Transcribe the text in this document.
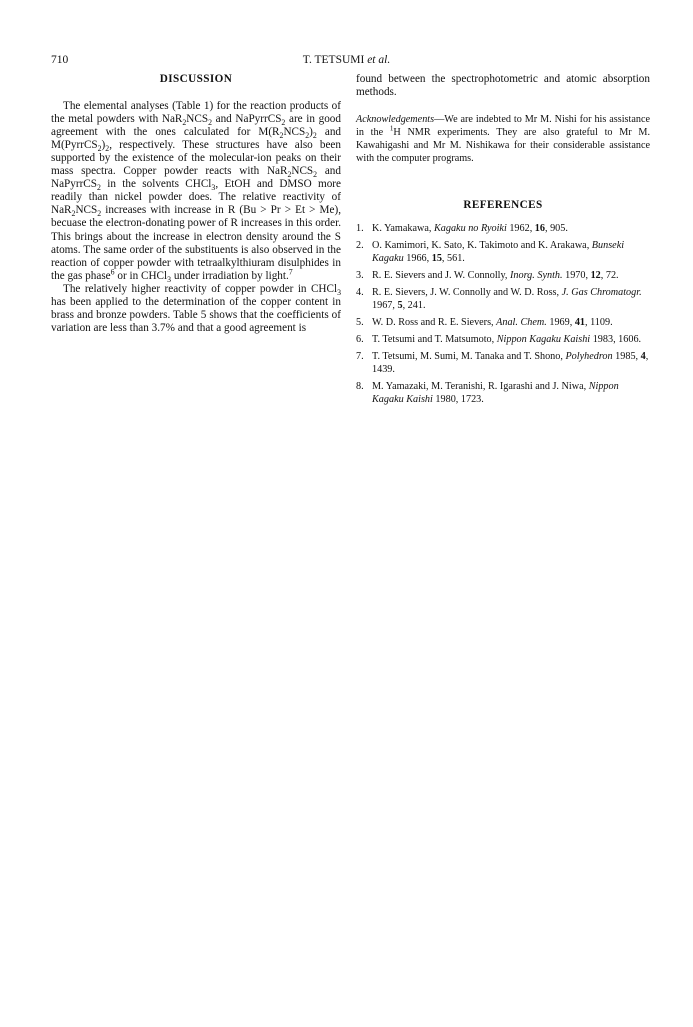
710	T. TETSUMI et al.
DISCUSSION

The elemental analyses (Table 1) for the reaction products of the metal powders with $NaR_2NCS_2$ and NaPyrrCS$_2$ are in good agreement with the ones calculated for $M(R_2NCS_2)_2$ and $M(PyrrCS_2)_2$, respectively. These structures have also been supported by the existence of the molecular-ion peaks on their mass spectra. Copper powder reacts with $NaR_2NCS_2$ and NaPyrrCS$_2$ in the solvents CHCl$_3$, EtOH and DMSO more readily than nickel powder does. The relative reactivity of $NaR_2NCS_2$ increases with increase in R (Bu > Pr > Et > Me), becuase the electron-donating power of R increases in this order. This brings about the increase in electron density around the S atoms. The same order of the substituents is also observed in the reaction of copper powder with tetraalkylthiuram disulphides in the gas phase$^6$ or in CHCl$_3$ under irradiation by light.$^7$

The relatively higher reactivity of copper powder in CHCl$_3$ has been applied to the determination of the copper content in brass and bronze powders. Table 5 shows that the coefficients of variation are less than 3.7% and that a good agreement is

found between the spectrophotometric and atomic absorption methods.

Acknowledgements—We are indebted to Mr M. Nishi for his assistance in the $^1$H NMR experiments. They are also grateful to Mr M. Kawahigashi and Mr M. Nishikawa for their considerable assistance with the computer programs.

REFERENCES
1. K. Yamakawa, Kagaku no Ryoiki 1962, 16, 905.
2. O. Kamimori, K. Sato, K. Takimoto and K. Arakawa, Bunseki Kagaku 1966, 15, 561.
3. R. E. Sievers and J. W. Connolly, Inorg. Synth. 1970, 12, 72.
4. R. E. Sievers, J. W. Connolly and W. D. Ross, J. Gas Chromatogr. 1967, 5, 241.
5. W. D. Ross and R. E. Sievers, Anal. Chem. 1969, 41, 1109.
6. T. Tetsumi and T. Matsumoto, Nippon Kagaku Kaishi 1983, 1606.
7. T. Tetsumi, M. Sumi, M. Tanaka and T. Shono, Polyhedron 1985, 4, 1439.
8. M. Yamazaki, M. Teranishi, R. Igarashi and J. Niwa, Nippon Kagaku Kaishi 1980, 1723.
